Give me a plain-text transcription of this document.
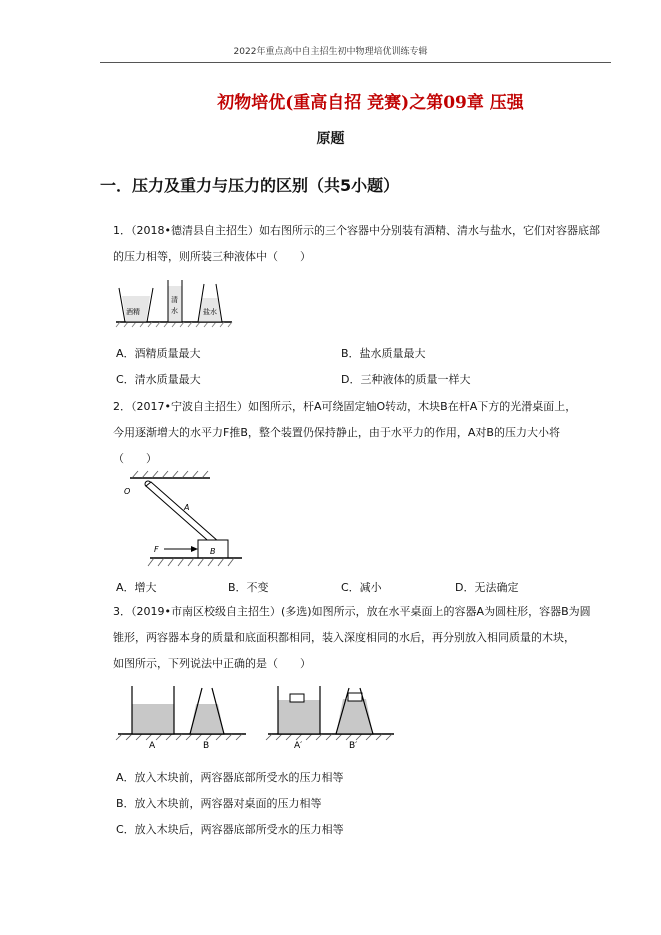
2022年重点高中自主招生初中物理培优训练专辑
初物培优(重高自招 竞赛)之第09章 压强
原题
一．压力及重力与压力的区别（共5小题）
1．（2018•德清县自主招生）如右图所示的三个容器中分别装有酒精、清水与盐水，它们对容器底部
的压力相等，则所装三种液体中（　　）
酒精
清
水	盐水
A．酒精质量最大	B．盐水质量最大
C．清水质量最大	D．三种液体的质量一样大
2．（2017•宁波自主招生）如图所示，杆A可绕固定轴O转动，木块B在杆A下方的光滑桌面上，
今用逐渐增大的水平力F推B，整个装置仍保持静止，由于水平力的作用，A对B的压力大小将
（　　）
O
A
B
F
A．增大	B．不变	C．减小	D．无法确定
3．（2019•市南区校级自主招生）(多选)如图所示，放在水平桌面上的容器A为圆柱形，容器B为圆
锥形，两容器本身的质量和底面积都相同，装入深度相同的水后，再分别放入相同质量的木块，
如图所示，下列说法中正确的是（　　）
A	B	A′	B′
A．放入木块前，两容器底部所受水的压力相等
B．放入木块前，两容器对桌面的压力相等
C．放入木块后，两容器底部所受水的压力相等
